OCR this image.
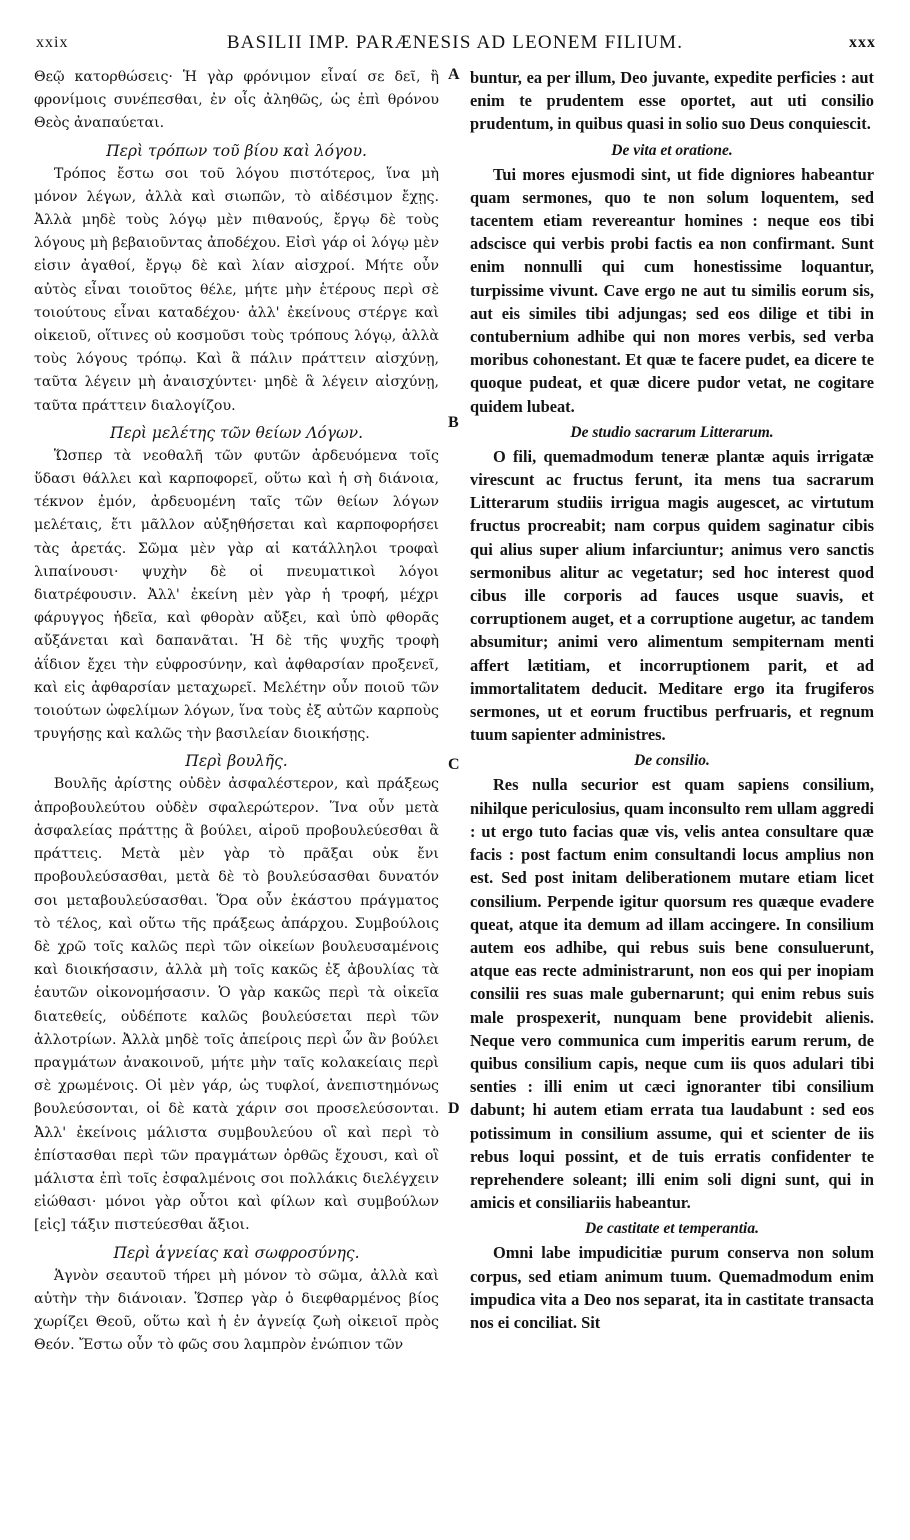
xxix	BASILII IMP. PARÆNESIS AD LEONEM FILIUM.	xxx

Θεῷ κατορθώσεις· Ἡ γὰρ φρόνιμον εἶναί σε δεῖ, ἢ φρονίμοις συνέπεσθαι, ἐν οἷς ἀληθῶς, ὡς ἐπὶ θρόνου Θεὸς ἀναπαύεται.

Περὶ τρόπων τοῦ βίου καὶ λόγου.

Τρόπος ἔστω σοι τοῦ λόγου πιστότερος, ἵνα μὴ μόνον λέγων, ἀλλὰ καὶ σιωπῶν, τὸ αἰδέσιμον ἔχῃς. Ἀλλὰ μηδὲ τοὺς λόγῳ μὲν πιθανούς, ἔργῳ δὲ τοὺς λόγους μὴ βεβαιοῦντας ἀποδέχου. Εἰσὶ γάρ οἱ λόγῳ μὲν εἰσιν ἀγαθοί, ἔργῳ δὲ καὶ λίαν αἰσχροί. Μήτε οὖν αὐτὸς εἶναι τοιοῦτος θέλε, μήτε μὴν ἑτέρους περὶ σὲ τοιούτους εἶναι καταδέχου· ἀλλ' ἐκείνους στέργε καὶ οἰκειοῦ, οἵτινες οὐ κοσμοῦσι τοὺς τρόπους λόγῳ, ἀλλὰ τοὺς λόγους τρόπῳ. Καὶ ἃ πάλιν πράττειν αἰσχύνῃ, ταῦτα λέγειν μὴ ἀναισχύντει· μηδὲ ἃ λέγειν αἰσχύνῃ, ταῦτα πράττειν διαλογίζου.

Περὶ μελέτης τῶν θείων Λόγων.

Ὥσπερ τὰ νεοθαλῆ τῶν φυτῶν ἀρδευόμενα τοῖς ὕδασι θάλλει καὶ καρποφορεῖ, οὕτω καὶ ἡ σὴ διάνοια, τέκνον ἐμόν, ἀρδευομένη ταῖς τῶν θείων λόγων μελέταις, ἔτι μᾶλλον αὐξηθήσεται καὶ καρποφορήσει τὰς ἀρετάς. Σῶμα μὲν γὰρ αἱ κατάλληλοι τροφαὶ λιπαίνουσι· ψυχὴν δὲ οἱ πνευματικοὶ λόγοι διατρέφουσιν. Ἀλλ' ἐκείνη μὲν γὰρ ἡ τροφή, μέχρι φάρυγγος ἡδεῖα, καὶ φθορὰν αὔξει, καὶ ὑπὸ φθορᾶς αὔξάνεται καὶ δαπανᾶται. Ἡ δὲ τῆς ψυχῆς τροφὴ ἀΐδιον ἔχει τὴν εὐφροσύνην, καὶ ἀφθαρσίαν προξενεῖ, καὶ εἰς ἀφθαρσίαν μεταχωρεῖ. Μελέτην οὖν ποιοῦ τῶν τοιούτων ὠφελίμων λόγων, ἵνα τοὺς ἐξ αὐτῶν καρποὺς τρυγήσῃς καὶ καλῶς τὴν βασιλείαν διοικήσῃς.

Περὶ βουλῆς.

Βουλῆς ἀρίστης οὐδὲν ἀσφαλέστερον, καὶ πράξεως ἀπροβουλεύτου οὐδὲν σφαλερώτερον. Ἵνα οὖν μετὰ ἀσφαλείας πράττῃς ἃ βούλει, αἱροῦ προβουλεύεσθαι ἃ πράττεις. Μετὰ μὲν γὰρ τὸ πρᾶξαι οὐκ ἔνι προβουλεύσασθαι, μετὰ δὲ τὸ βουλεύσασθαι δυνατόν σοι μεταβουλεύσασθαι. Ὅρα οὖν ἑκάστου πράγματος τὸ τέλος, καὶ οὕτω τῆς πράξεως ἀπάρχου. Συμβούλοις δὲ χρῶ τοῖς καλῶς περὶ τῶν οἰκείων βουλευσαμένοις καὶ διοικήσασιν, ἀλλὰ μὴ τοῖς κακῶς ἐξ ἀβουλίας τὰ ἑαυτῶν οἰκονομήσασιν. Ὁ γὰρ κακῶς περὶ τὰ οἰκεῖα διατεθείς, οὐδέποτε καλῶς βουλεύσεται περὶ τῶν ἀλλοτρίων. Ἀλλὰ μηδὲ τοῖς ἀπείροις περὶ ὧν ἂν βούλει πραγμάτων ἀνακοινοῦ, μήτε μὴν ταῖς κολακείαις περὶ σὲ χρωμένοις. Οἱ μὲν γάρ, ὡς τυφλοί, ἀνεπιστημόνως βουλεύσονται, οἱ δὲ κατὰ χάριν σοι προσελεύσονται. Ἀλλ' ἐκείνοις μάλιστα συμβουλεύου οἳ καὶ περὶ τὸ ἐπίστασθαι περὶ τῶν πραγμάτων ὀρθῶς ἔχουσι, καὶ οἳ μάλιστα ἐπὶ τοῖς ἐσφαλμένοις σοι πολλάκις διελέγχειν εἰώθασι· μόνοι γὰρ οὗτοι καὶ φίλων καὶ συμβούλων [εἰς] τάξιν πιστεύεσθαι ἄξιοι.

Περὶ ἁγνείας καὶ σωφροσύνης.

Ἁγνὸν σεαυτοῦ τήρει μὴ μόνον τὸ σῶμα, ἀλλὰ καὶ αὐτὴν τὴν διάνοιαν. Ὥσπερ γὰρ ὁ διεφθαρμένος βίος χωρίζει Θεοῦ, οὕτω καὶ ἡ ἐν ἁγνείᾳ ζωὴ οἰκειοῖ πρὸς Θεόν. Ἔστω οὖν τὸ φῶς σου λαμπρὸν ἐνώπιον τῶν

A
B
C
D

buntur, ea per illum, Deo juvante, expedite perficies : aut enim te prudentem esse oportet, aut uti consilio prudentum, in quibus quasi in solio suo Deus conquiescit.

De vita et oratione.

Tui mores ejusmodi sint, ut fide digniores habeantur quam sermones, quo te non solum loquentem, sed tacentem etiam revereantur homines : neque eos tibi adscisce qui verbis probi factis ea non confirmant. Sunt enim nonnulli qui cum honestissime loquantur, turpissime vivunt. Cave ergo ne aut tu similis eorum sis, aut eis similes tibi adjungas; sed eos dilige et tibi in contubernium adhibe qui non mores verbis, sed verba moribus cohonestant. Et quæ te facere pudet, ea dicere te quoque pudeat, et quæ dicere pudor vetat, ne cogitare quidem lubeat.

De studio sacrarum Litterarum.

O fili, quemadmodum teneræ plantæ aquis irrigatæ virescunt ac fructus ferunt, ita mens tua sacrarum Litterarum studiis irrigua magis augescet, ac virtutum fructus procreabit; nam corpus quidem saginatur cibis qui alius super alium infarciuntur; animus vero sanctis sermonibus alitur ac vegetatur; sed hoc interest quod cibus ille corporis ad fauces usque suavis, et corruptionem auget, et a corruptione augetur, ac tandem absumitur; animi vero alimentum sempiternam menti affert lætitiam, et incorruptionem parit, et ad immortalitatem deducit. Meditare ergo ita frugiferos sermones, ut et eorum fructibus perfruaris, et regnum tuum sapienter administres.

De consilio.

Res nulla securior est quam sapiens consilium, nihilque periculosius, quam inconsulto rem ullam aggredi : ut ergo tuto facias quæ vis, velis antea consultare quæ facis : post factum enim consultandi locus amplius non est. Sed post initam deliberationem mutare etiam licet consilium. Perpende igitur quorsum res quæque evadere queat, atque ita demum ad illam accingere. In consilium autem eos adhibe, qui rebus suis bene consuluerunt, atque eas recte administrarunt, non eos qui per inopiam consilii res suas male gubernarunt; qui enim rebus suis male prospexerit, nunquam bene providebit alienis. Neque vero communica cum imperitis earum rerum, de quibus consilium capis, neque cum iis quos adulari tibi senties : illi enim ut cæci ignoranter tibi consilium dabunt; hi autem etiam errata tua laudabunt : sed eos potissimum in consilium assume, qui et scienter de iis rebus loqui possint, et de tuis erratis confidenter te reprehendere soleant; illi enim soli digni sunt, qui in amicis et consiliariis habeantur.

De castitate et temperantia.

Omni labe impudicitiæ purum conserva non solum corpus, sed etiam animum tuum. Quemadmodum enim impudica vita a Deo nos separat, ita in castitate transacta nos ei conciliat. Sit
